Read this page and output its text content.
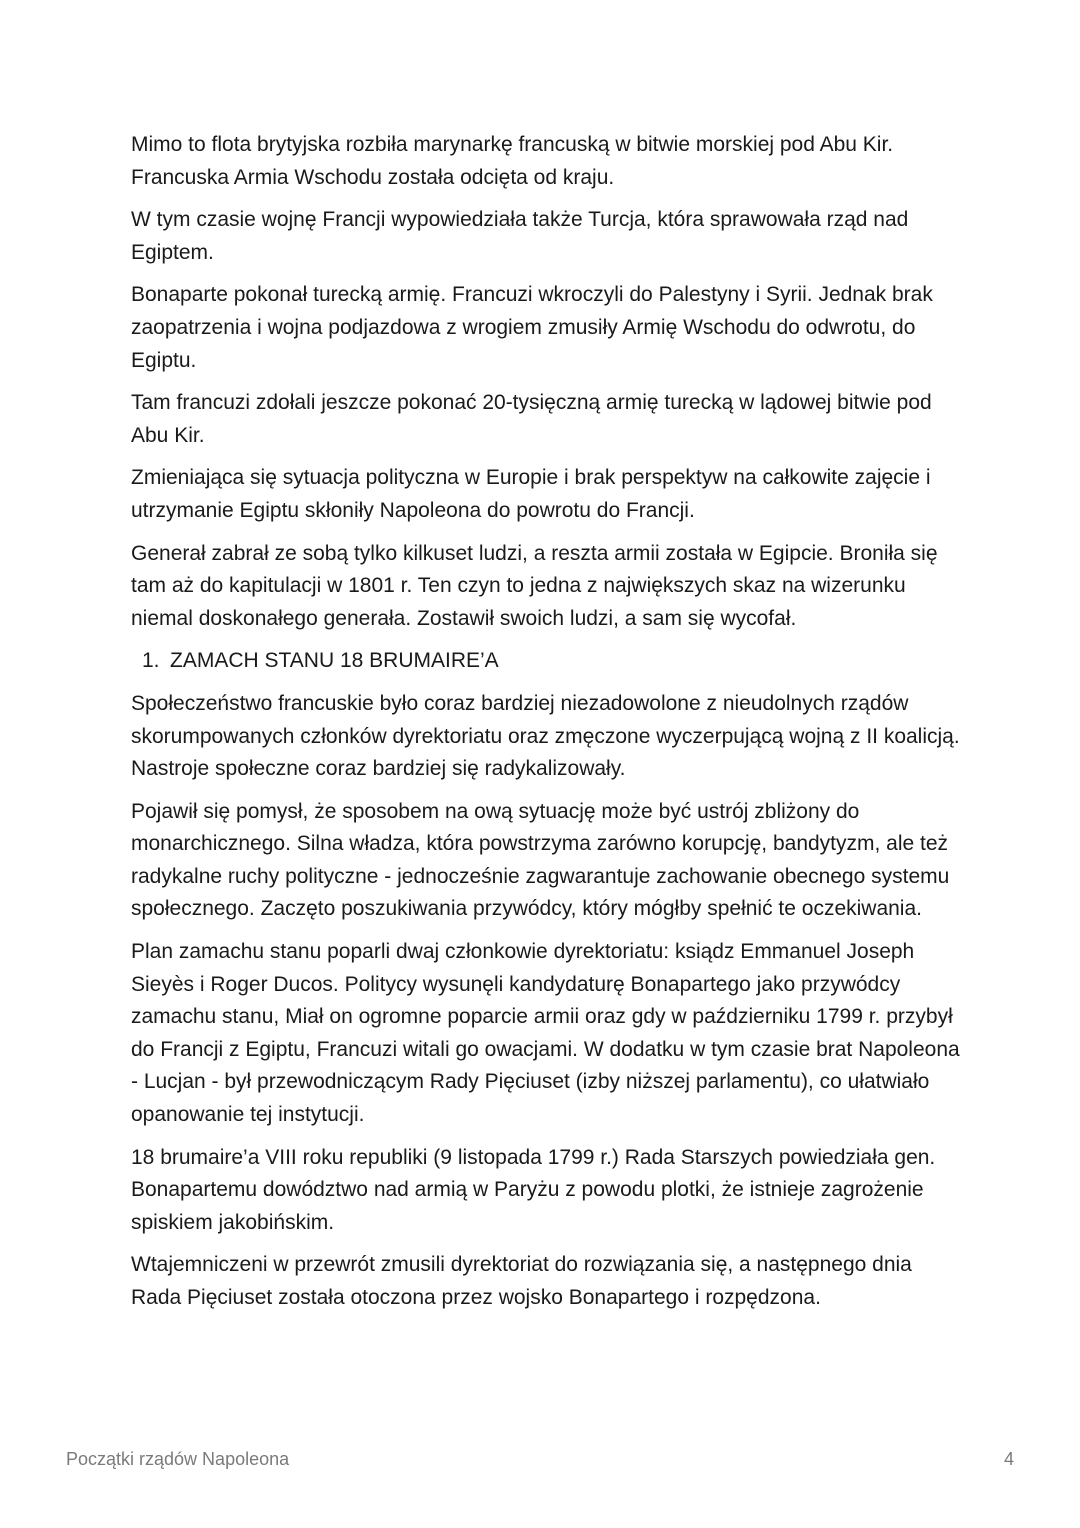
Mimo to flota brytyjska rozbiła marynarkę francuską w bitwie morskiej pod Abu Kir. Francuska Armia Wschodu została odcięta od kraju.

W tym czasie wojnę Francji wypowiedziała także Turcja, która sprawowała rząd nad Egiptem.

Bonaparte pokonał turecką armię. Francuzi wkroczyli do Palestyny i Syrii. Jednak brak zaopatrzenia i wojna podjazdowa z wrogiem zmusiły Armię Wschodu do odwrotu, do Egiptu.

Tam francuzi zdołali jeszcze pokonać 20-tysięczną armię turecką w lądowej bitwie pod Abu Kir.

Zmieniająca się sytuacja polityczna w Europie i brak perspektyw na całkowite zajęcie i utrzymanie Egiptu skłoniły Napoleona do powrotu do Francji.

Generał zabrał ze sobą tylko kilkuset ludzi, a reszta armii została w Egipcie. Broniła się tam aż do kapitulacji w 1801 r. Ten czyn to jedna z największych skaz na wizerunku niemal doskonałego generała. Zostawił swoich ludzi, a sam się wycofał.

1. ZAMACH STANU 18 BRUMAIRE’A

Społeczeństwo francuskie było coraz bardziej niezadowolone z nieudolnych rządów skorumpowanych członków dyrektoriatu oraz zmęczone wyczerpującą wojną z II koalicją. Nastroje społeczne coraz bardziej się radykalizowały.

Pojawił się pomysł, że sposobem na ową sytuację może być ustrój zbliżony do monarchicznego. Silna władza, która powstrzyma zarówno korupcję, bandytyzm, ale też radykalne ruchy polityczne - jednocześnie zagwarantuje zachowanie obecnego systemu społecznego. Zaczęto poszukiwania przywódcy, który mógłby spełnić te oczekiwania.

Plan zamachu stanu poparli dwaj członkowie dyrektoriatu: ksiądz Emmanuel Joseph Sieyès i Roger Ducos. Politycy wysunęli kandydaturę Bonapartego jako przywódcy zamachu stanu, Miał on ogromne poparcie armii oraz gdy w październiku 1799 r. przybył do Francji z Egiptu, Francuzi witali go owacjami. W dodatku w tym czasie brat Napoleona - Lucjan - był przewodniczącym Rady Pięciuset (izby niższej parlamentu), co ułatwiało opanowanie tej instytucji.

18 brumaire’a VIII roku republiki (9 listopada 1799 r.) Rada Starszych powiedziała gen. Bonapartemu dowództwo nad armią w Paryżu z powodu plotki, że istnieje zagrożenie spiskiem jakobińskim.

Wtajemniczeni w przewrót zmusili dyrektoriat do rozwiązania się, a następnego dnia Rada Pięciuset została otoczona przez wojsko Bonapartego i rozpędzona.

Początki rządów Napoleona	4
